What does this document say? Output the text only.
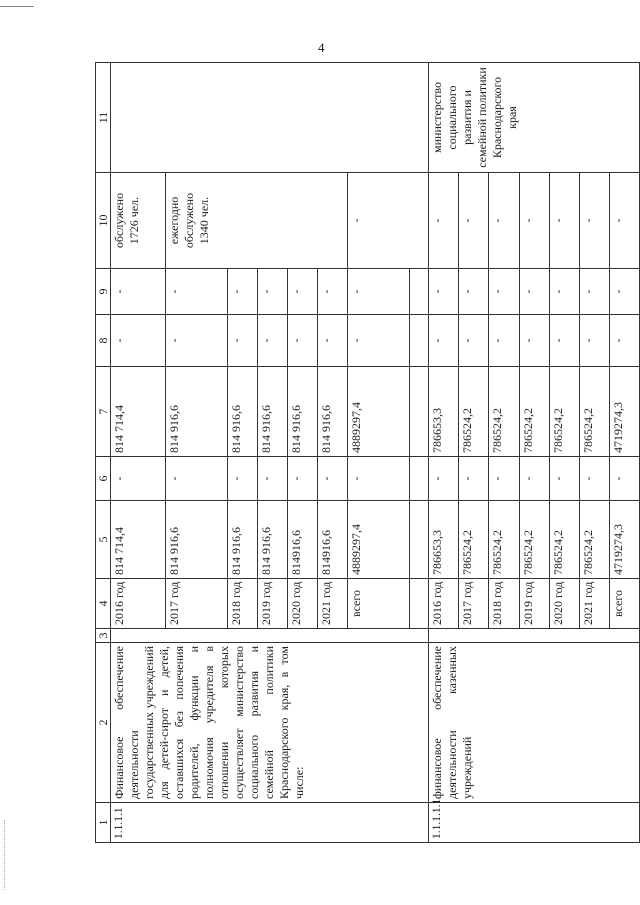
4
1	2	3	4	5	6	7	8	9	10	11
1.1.1.1	Финансовое обеспечение деятельности государственных учреждений для детей-сирот и детей, оставшихся без попечения родителей, функции и полномочия учредителя в отношении которых осуществляет министерство социального развития и семейной политики Краснодарского края, в том числе:		2016 год	814 714,4	-	814 714,4	-	-	обслужено
1726 чел.	
			2017 год	814 916,6	-	814 916,6	-	-	ежегодно обслужено
1340 чел.	
			2018 год	814 916,6	-	814 916,6	-	-		
			2019 год	814 916,6	-	814 916,6	-	-		
			2020 год	814916,6	-	814 916,6	-	-		
			2021 год	814916,6	-	814 916,6	-	-		
			всего	4889297,4	-	4889297,4	-	-	-	

1.1.1.1.1	финансовое обеспечение деятельности казенных учреждений		2016 год	786653,3	-	786653,3	-	-	-	министерство социального развития и семейной политики Краснодарского края
			2017 год	786524,2	-	786524,2	-	-	-	
			2018 год	786524,2	-	786524,2	-	-	-	
			2019 год	786524,2	-	786524,2	-	-	-	
			2020 год	786524,2	-	786524,2	-	-	-	
			2021 год	786524,2	-	786524,2	-	-	-	
			всего	4719274,3	-	4719274,3	-	-	-	
